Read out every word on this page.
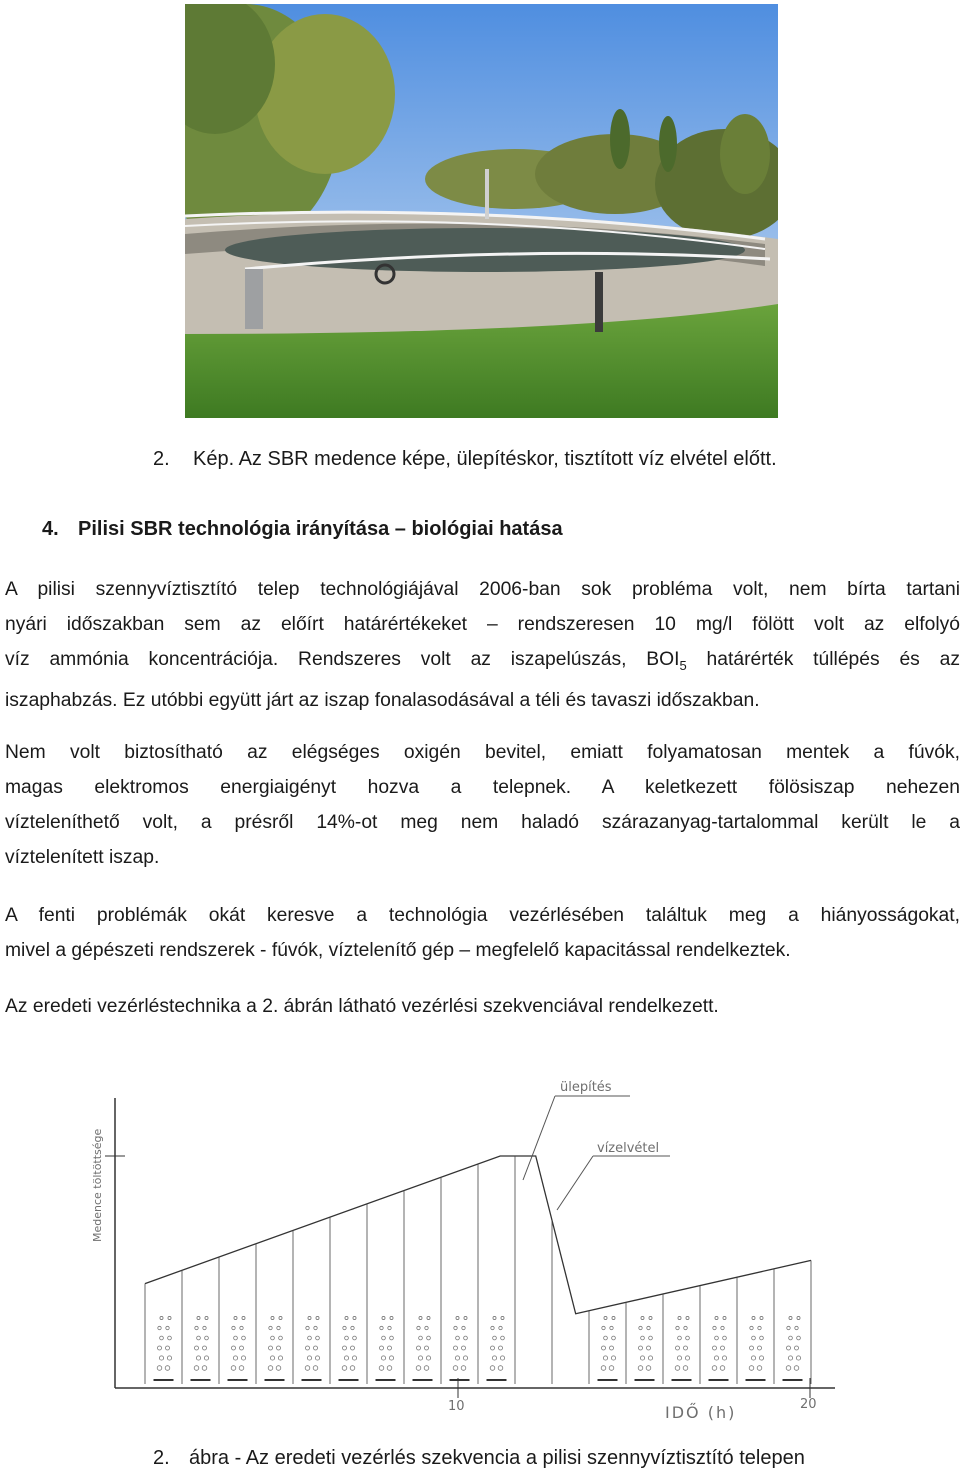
2. Kép. Az SBR medence képe, ülepítéskor, tisztított víz elvétel előtt.
4. Pilisi SBR technológia irányítása – biológiai hatása
A pilisi szennyvíztisztító telep technológiájával 2006-ban sok probléma volt, nem bírta tartani
nyári időszakban sem az előírt határértékeket – rendszeresen 10 mg/l fölött volt az elfolyó
víz ammónia koncentrációja. Rendszeres volt az iszapelúszás, $BOI_5$ határérték túllépés és az
iszaphabzás. Ez utóbbi együtt járt az iszap fonalasodásával a téli és tavaszi időszakban.
Nem volt biztosítható az elégséges oxigén bevitel, emiatt folyamatosan mentek a fúvók,
magas elektromos energiaigényt hozva a telepnek. A keletkezett fölösiszap nehezen
vízteleníthető volt, a présről 14%-ot meg nem haladó szárazanyag-tartalommal került le a
víztelenített iszap.
A fenti problémák okát keresve a technológia vezérlésében találtuk meg a hiányosságokat,
mivel a gépészeti rendszerek - fúvók, víztelenítő gép – megfelelő kapacitással rendelkeztek.
Az eredeti vezérléstechnika a 2. ábrán látható vezérlési szekvenciával rendelkezett.
Medence töltöttsége
10	20
IDŐ (h)
ülepítés
vízelvétel
2. ábra - Az eredeti vezérlés szekvencia a pilisi szennyvíztisztító telepen
